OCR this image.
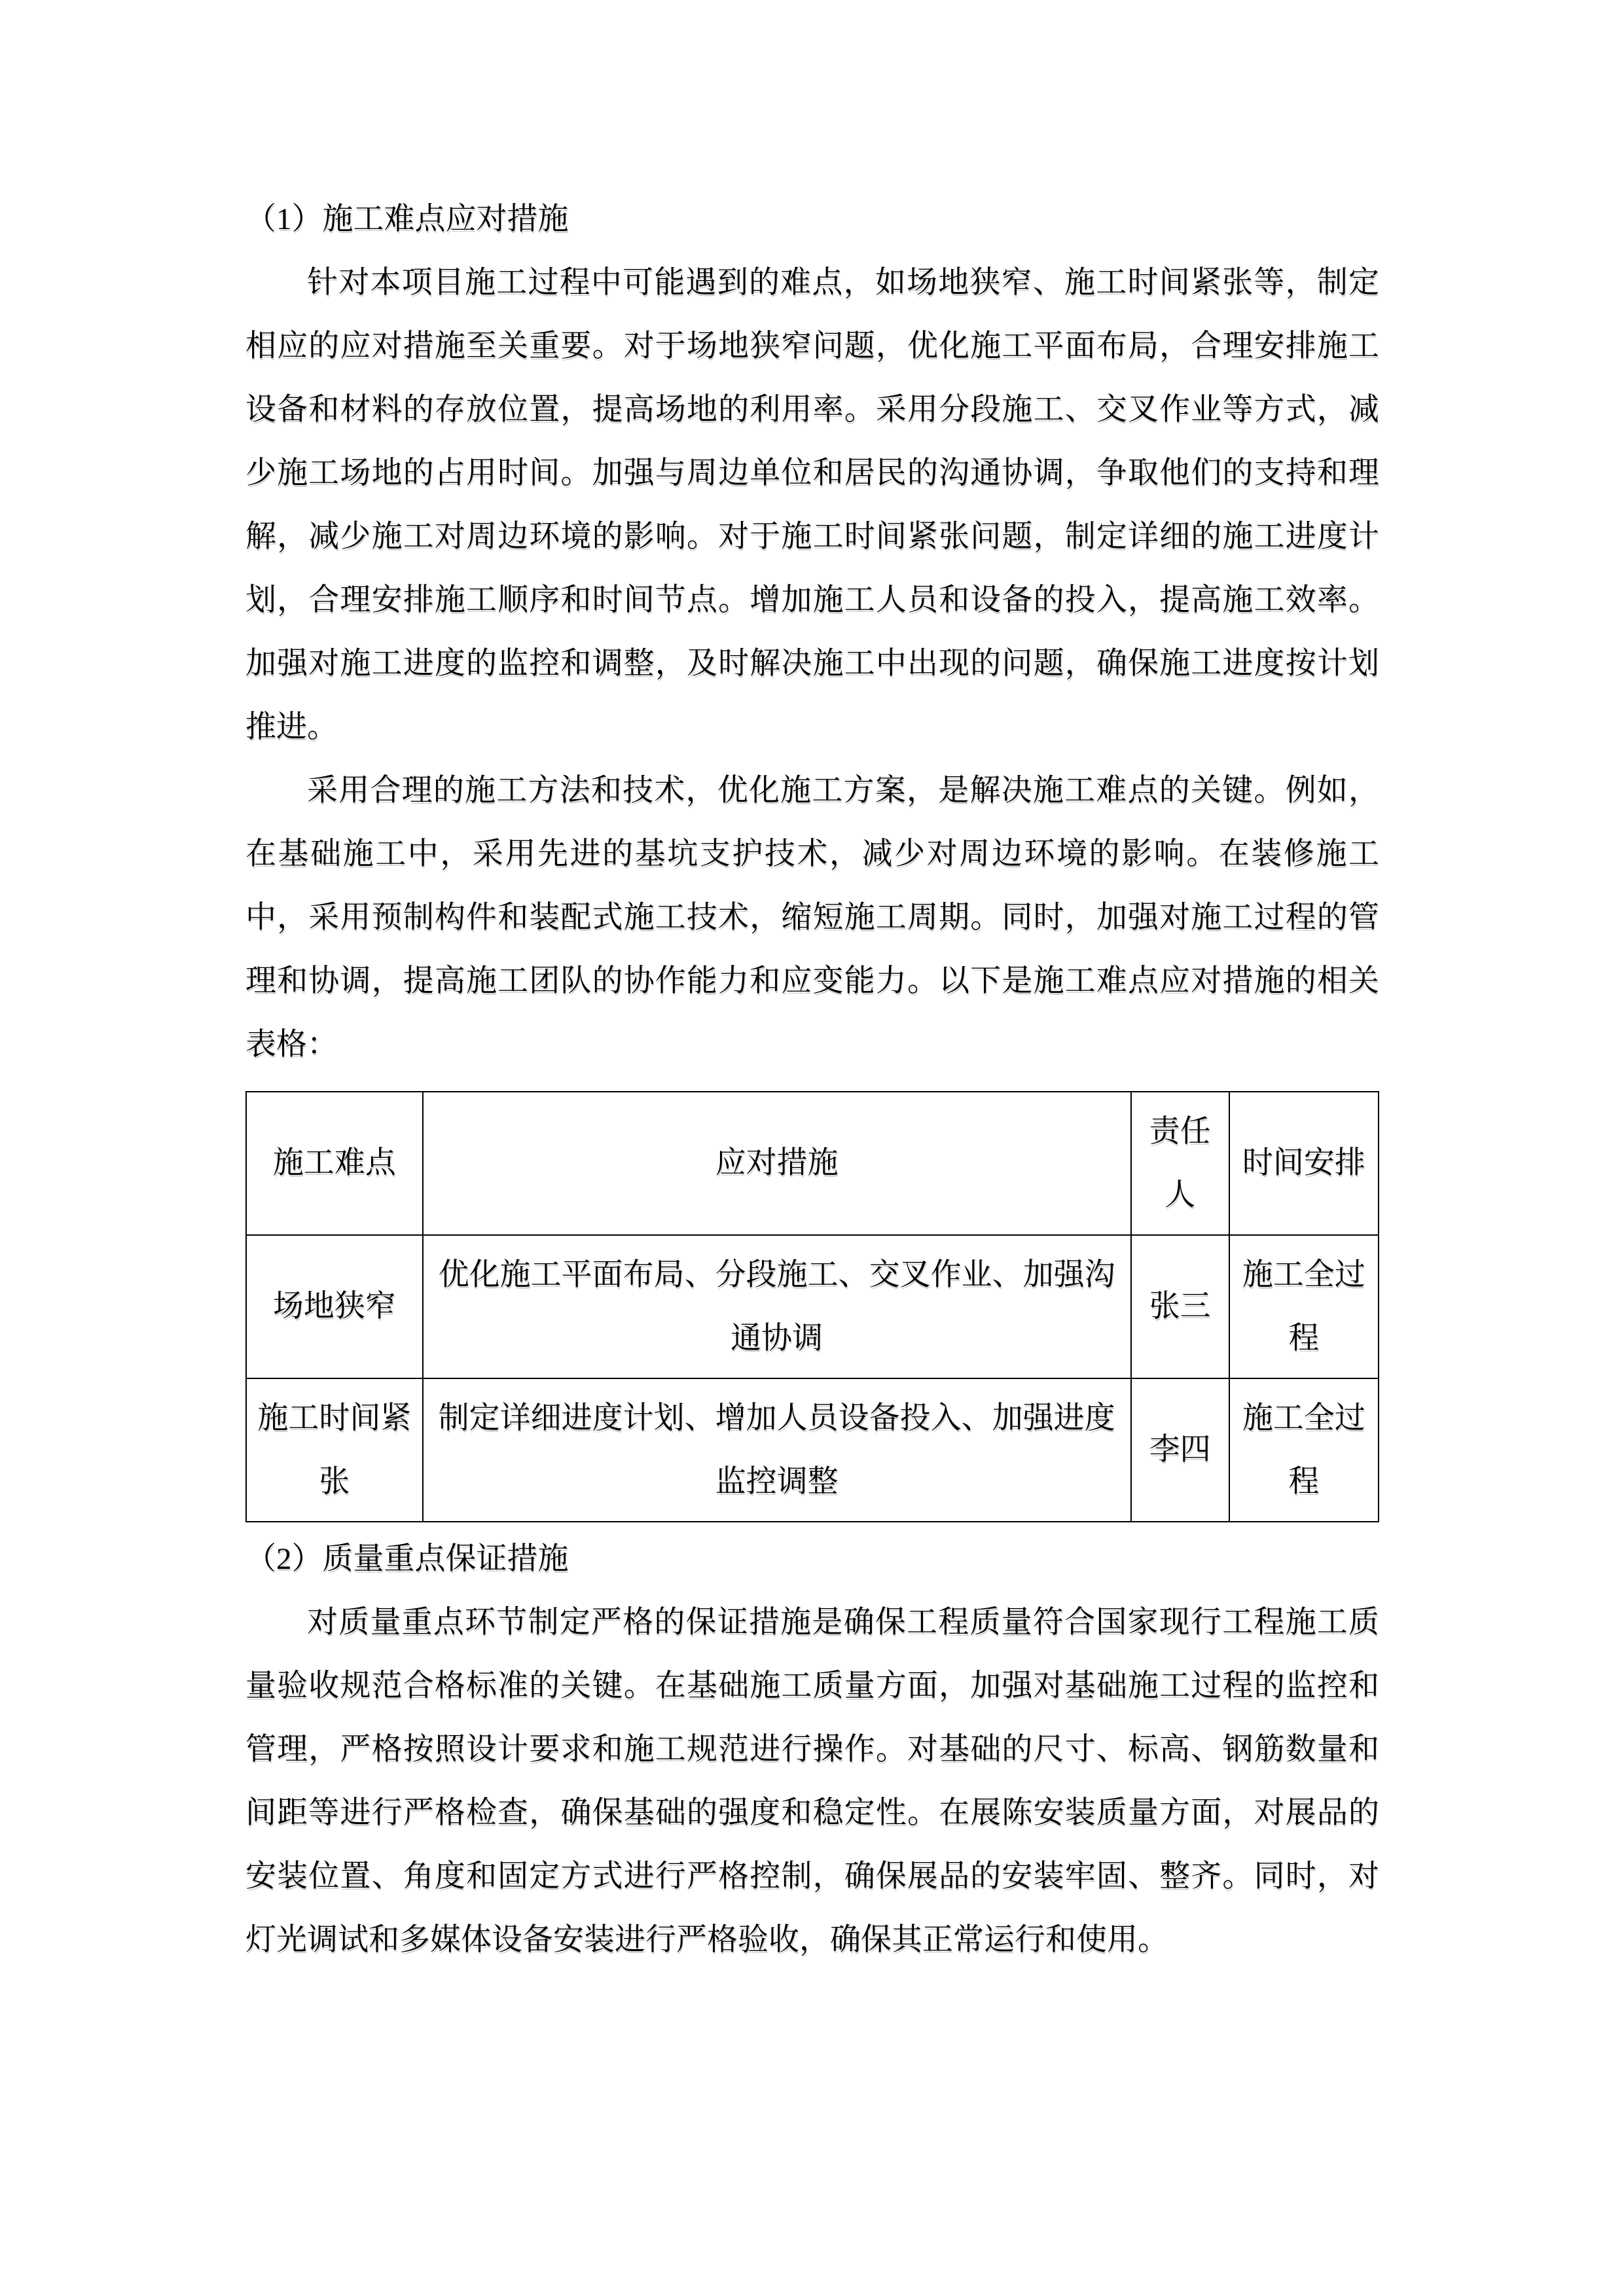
（1）施工难点应对措施

针对本项目施工过程中可能遇到的难点，如场地狭窄、施工时间紧张等，制定相应的应对措施至关重要。对于场地狭窄问题，优化施工平面布局，合理安排施工设备和材料的存放位置，提高场地的利用率。采用分段施工、交叉作业等方式，减少施工场地的占用时间。加强与周边单位和居民的沟通协调，争取他们的支持和理解，减少施工对周边环境的影响。对于施工时间紧张问题，制定详细的施工进度计划，合理安排施工顺序和时间节点。增加施工人员和设备的投入，提高施工效率。加强对施工进度的监控和调整，及时解决施工中出现的问题，确保施工进度按计划推进。

采用合理的施工方法和技术，优化施工方案，是解决施工难点的关键。例如，在基础施工中，采用先进的基坑支护技术，减少对周边环境的影响。在装修施工中，采用预制构件和装配式施工技术，缩短施工周期。同时，加强对施工过程的管理和协调，提高施工团队的协作能力和应变能力。以下是施工难点应对措施的相关表格：

施工难点	应对措施	责任人	时间安排
场地狭窄	优化施工平面布局、分段施工、交叉作业、加强沟通协调	张三	施工全过程
施工时间紧张	制定详细进度计划、增加人员设备投入、加强进度监控调整	李四	施工全过程
（2）质量重点保证措施

对质量重点环节制定严格的保证措施是确保工程质量符合国家现行工程施工质量验收规范合格标准的关键。在基础施工质量方面，加强对基础施工过程的监控和管理，严格按照设计要求和施工规范进行操作。对基础的尺寸、标高、钢筋数量和间距等进行严格检查，确保基础的强度和稳定性。在展陈安装质量方面，对展品的安装位置、角度和固定方式进行严格控制，确保展品的安装牢固、整齐。同时，对灯光调试和多媒体设备安装进行严格验收，确保其正常运行和使用。
